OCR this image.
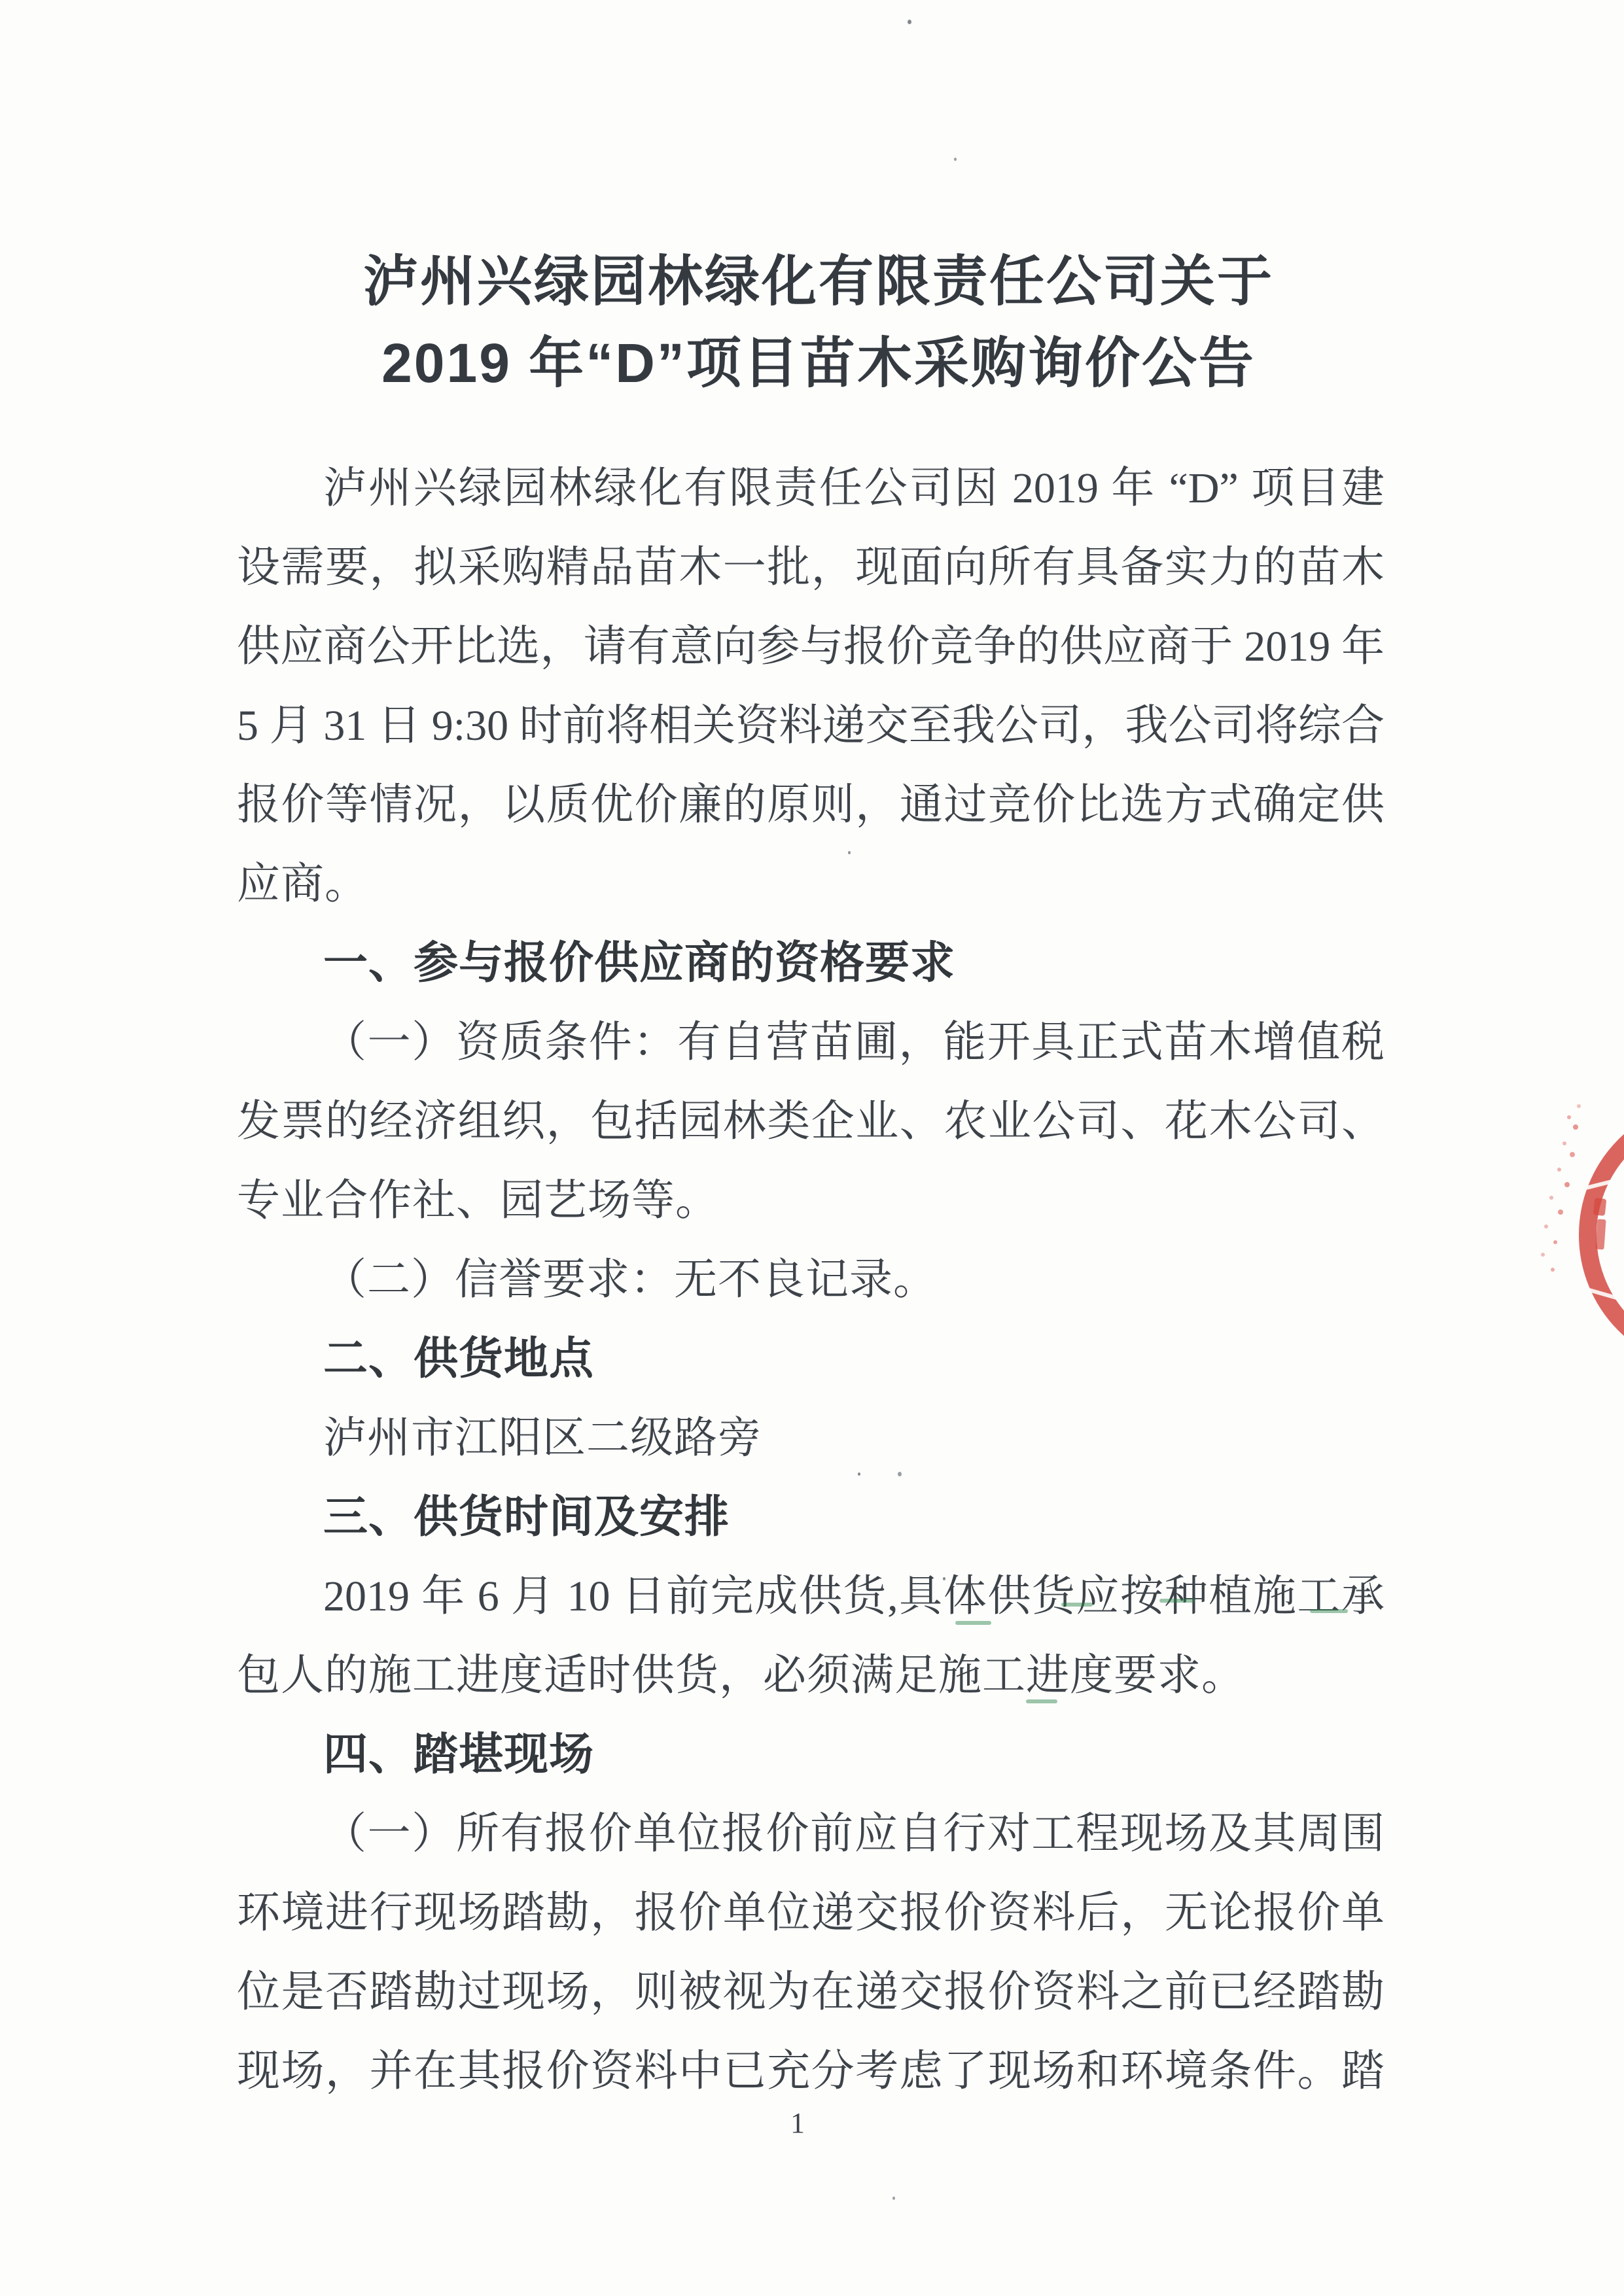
泸州兴绿园林绿化有限责任公司关于
2019 年“D”项目苗木采购询价公告
泸州兴绿园林绿化有限责任公司因 2019 年 “D” 项目建
设需要，拟采购精品苗木一批，现面向所有具备实力的苗木
供应商公开比选，请有意向参与报价竞争的供应商于 2019 年
5 月 31 日 9:30 时前将相关资料递交至我公司，我公司将综合
报价等情况，以质优价廉的原则，通过竞价比选方式确定供
应商。
一、参与报价供应商的资格要求
（一）资质条件：有自营苗圃，能开具正式苗木增值税
发票的经济组织，包括园林类企业、农业公司、花木公司、
专业合作社、园艺场等。
（二）信誉要求：无不良记录。
二、供货地点
泸州市江阳区二级路旁
三、供货时间及安排
2019 年 6 月 10 日前完成供货,具体供货应按种植施工承
包人的施工进度适时供货，必须满足施工进度要求。
四、踏堪现场
（一）所有报价单位报价前应自行对工程现场及其周围
环境进行现场踏勘，报价单位递交报价资料后，无论报价单
位是否踏勘过现场，则被视为在递交报价资料之前已经踏勘
现场，并在其报价资料中已充分考虑了现场和环境条件。踏
1
